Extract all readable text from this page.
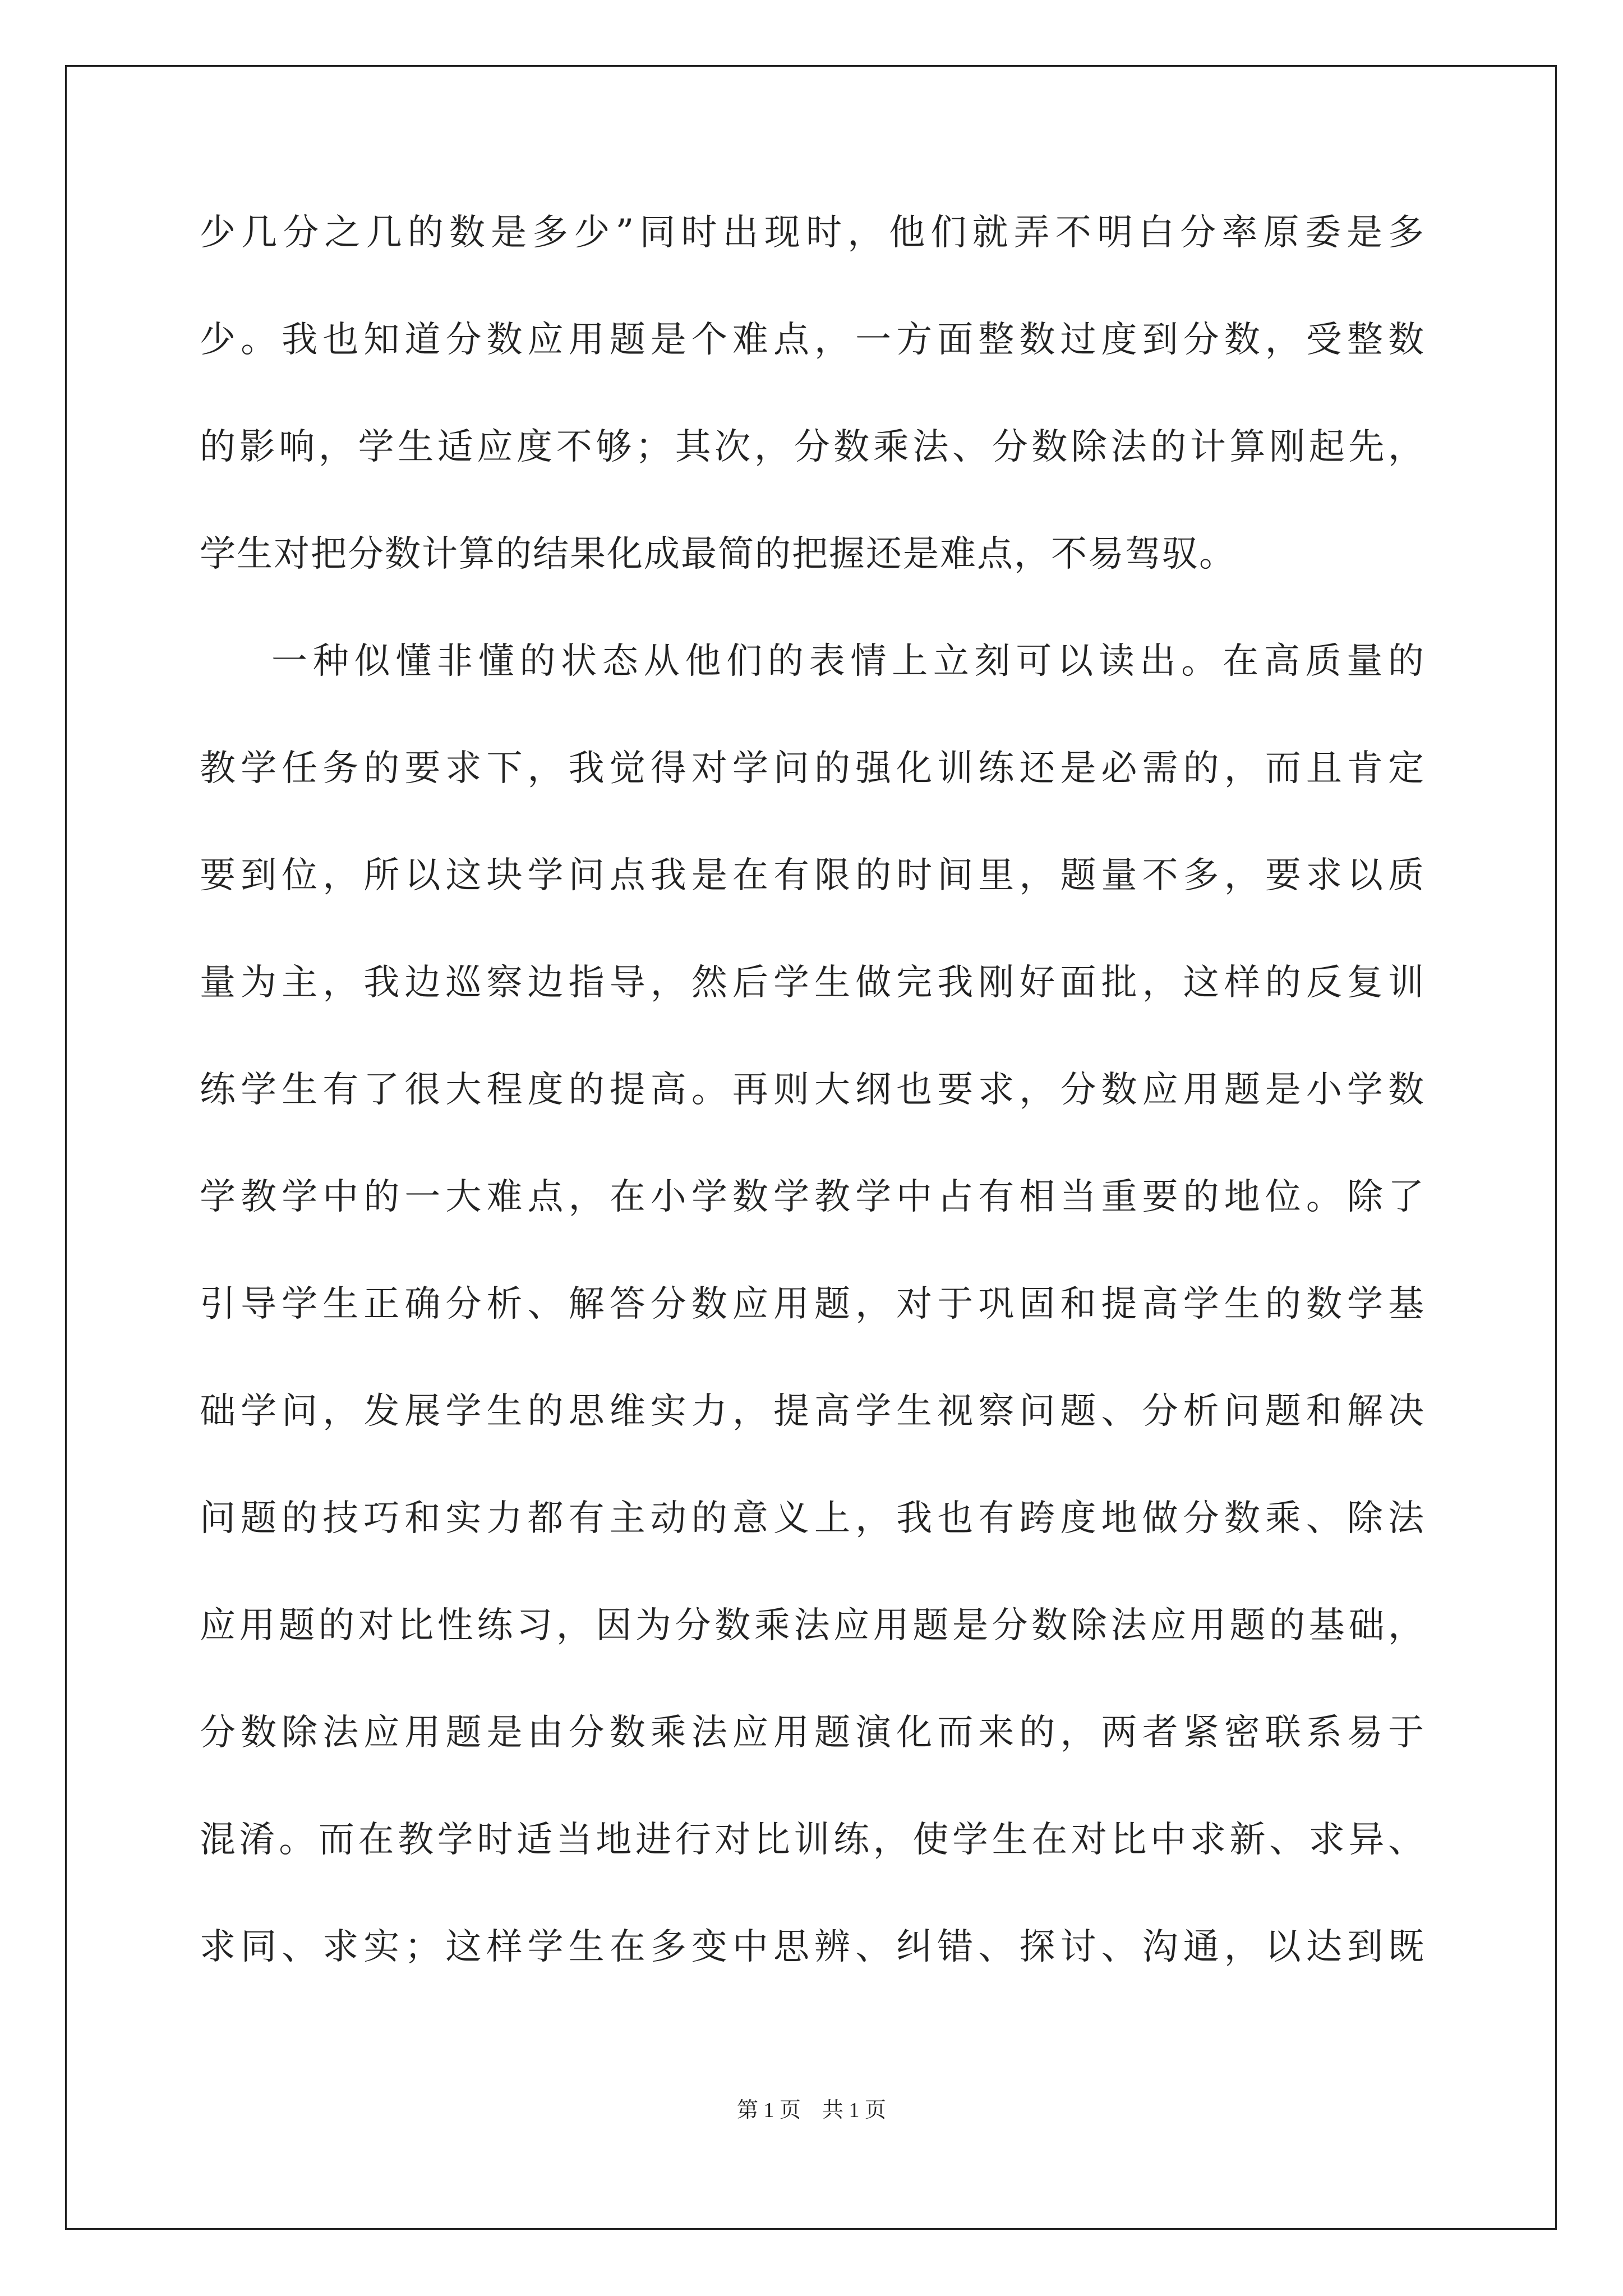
少几分之几的数是多少”同时出现时，他们就弄不明白分率原委是多
少。我也知道分数应用题是个难点，一方面整数过度到分数，受整数
的影响，学生适应度不够；其次，分数乘法、分数除法的计算刚起先，
学生对把分数计算的结果化成最简的把握还是难点，不易驾驭。
一种似懂非懂的状态从他们的表情上立刻可以读出。在高质量的
教学任务的要求下，我觉得对学问的强化训练还是必需的，而且肯定
要到位，所以这块学问点我是在有限的时间里，题量不多，要求以质
量为主，我边巡察边指导，然后学生做完我刚好面批，这样的反复训
练学生有了很大程度的提高。再则大纲也要求，分数应用题是小学数
学教学中的一大难点，在小学数学教学中占有相当重要的地位。除了
引导学生正确分析、解答分数应用题，对于巩固和提高学生的数学基
础学问，发展学生的思维实力，提高学生视察问题、分析问题和解决
问题的技巧和实力都有主动的意义上，我也有跨度地做分数乘、除法
应用题的对比性练习，因为分数乘法应用题是分数除法应用题的基础，
分数除法应用题是由分数乘法应用题演化而来的，两者紧密联系易于
混淆。而在教学时适当地进行对比训练，使学生在对比中求新、求异、
求同、求实；这样学生在多变中思辨、纠错、探讨、沟通，以达到既
第 1 页    共 1 页
